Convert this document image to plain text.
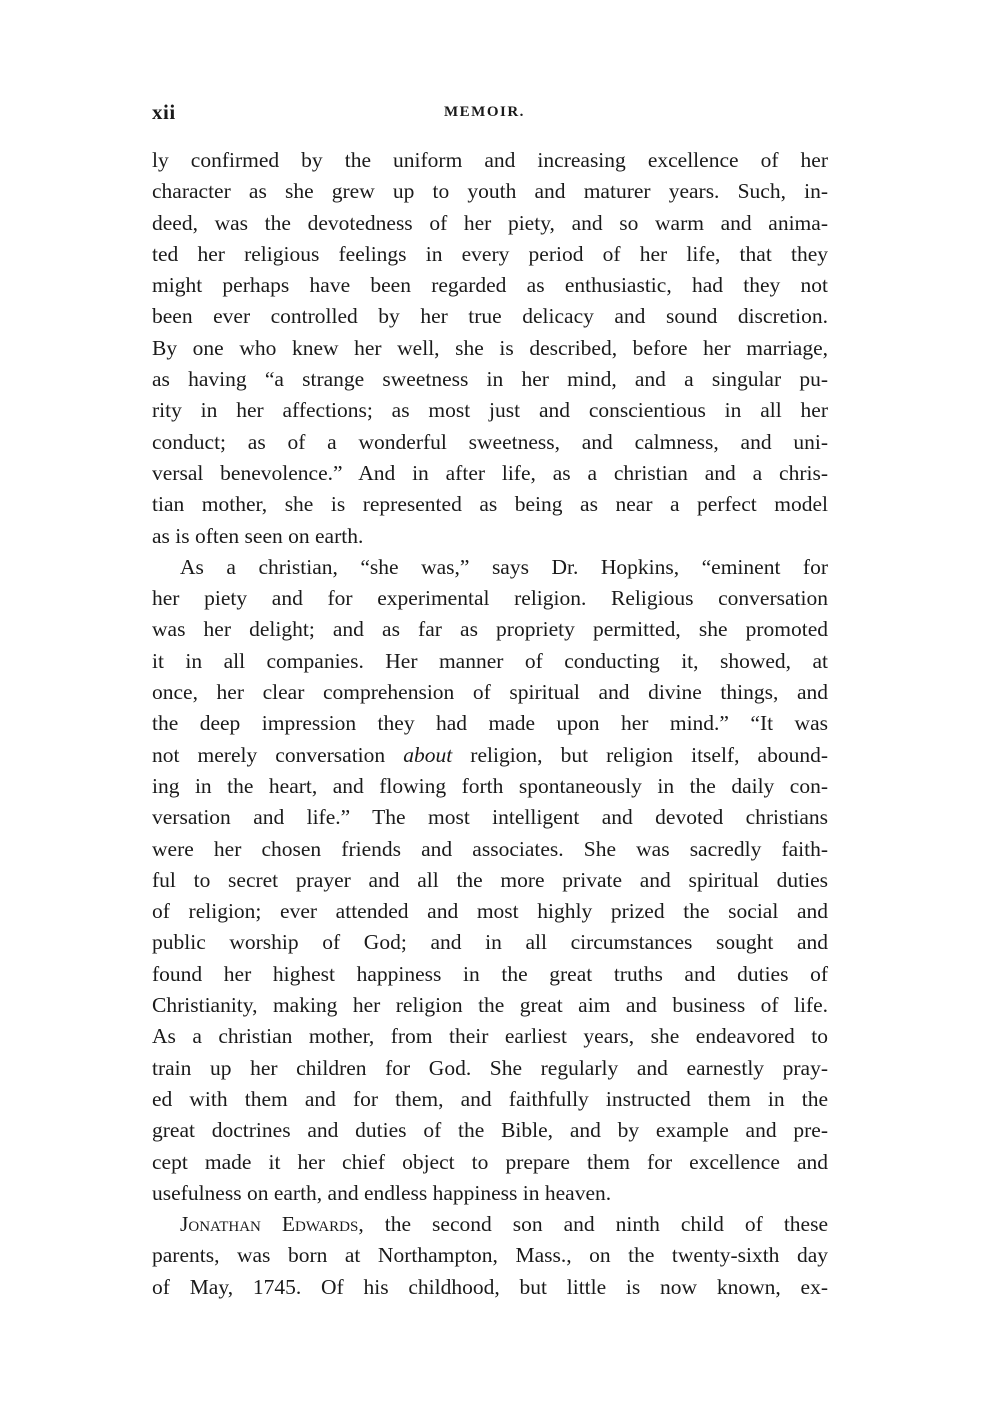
xii	MEMOIR.
ly confirmed by the uniform and increasing excellence of her
character as she grew up to youth and maturer years. Such, in-
deed, was the devotedness of her piety, and so warm and anima-
ted her religious feelings in every period of her life, that they
might perhaps have been regarded as enthusiastic, had they not
been ever controlled by her true delicacy and sound discretion.
By one who knew her well, she is described, before her marriage,
as having “a strange sweetness in her mind, and a singular pu-
rity in her affections; as most just and conscientious in all her
conduct; as of a wonderful sweetness, and calmness, and uni-
versal benevolence.” And in after life, as a christian and a chris-
tian mother, she is represented as being as near a perfect model
as is often seen on earth.
As a christian, “she was,” says Dr. Hopkins, “eminent for
her piety and for experimental religion. Religious conversation
was her delight; and as far as propriety permitted, she promoted
it in all companies. Her manner of conducting it, showed, at
once, her clear comprehension of spiritual and divine things, and
the deep impression they had made upon her mind.” “It was
not merely conversation about religion, but religion itself, abound-
ing in the heart, and flowing forth spontaneously in the daily con-
versation and life.” The most intelligent and devoted christians
were her chosen friends and associates. She was sacredly faith-
ful to secret prayer and all the more private and spiritual duties
of religion; ever attended and most highly prized the social and
public worship of God; and in all circumstances sought and
found her highest happiness in the great truths and duties of
Christianity, making her religion the great aim and business of life.
As a christian mother, from their earliest years, she endeavored to
train up her children for God. She regularly and earnestly pray-
ed with them and for them, and faithfully instructed them in the
great doctrines and duties of the Bible, and by example and pre-
cept made it her chief object to prepare them for excellence and
usefulness on earth, and endless happiness in heaven.
Jonathan Edwards, the second son and ninth child of these
parents, was born at Northampton, Mass., on the twenty-sixth day
of May, 1745. Of his childhood, but little is now known, ex-
